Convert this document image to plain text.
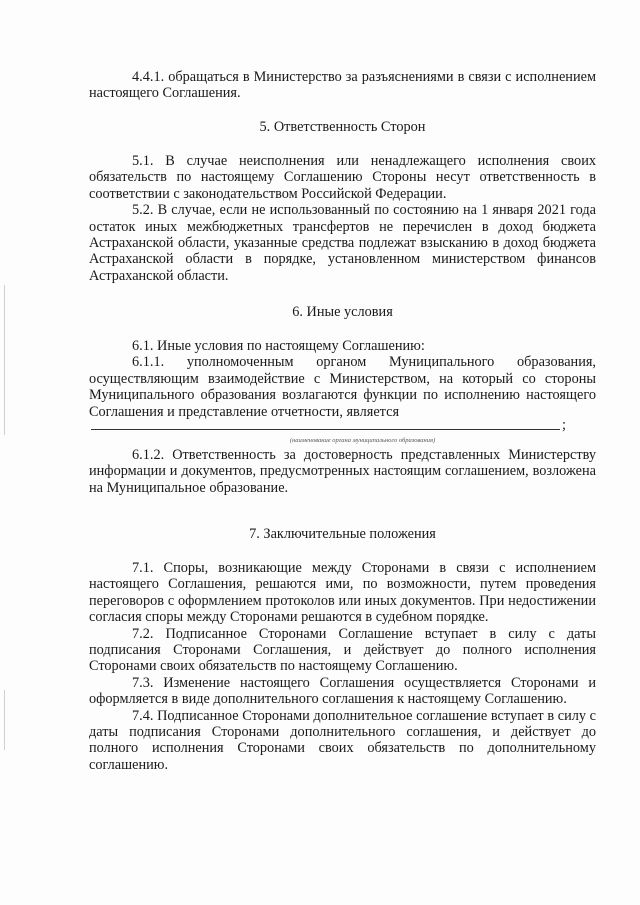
4.4.1. обращаться в Министерство за разъяснениями в связи с исполнением настоящего Соглашения.

5. Ответственность Сторон

5.1. В случае неисполнения или ненадлежащего исполнения своих обязательств по настоящему Соглашению Стороны несут ответственность в соответствии с законодательством Российской Федерации.

5.2. В случае, если не использованный по состоянию на 1 января 2021 года остаток иных межбюджетных трансфертов не перечислен в доход бюджета Астраханской области, указанные средства подлежат взысканию в доход бюджета Астраханской области в порядке, установленном министерством финансов Астраханской области.

6. Иные условия

6.1. Иные условия по настоящему Соглашению:

6.1.1. уполномоченным органом Муниципального образования, осуществляющим взаимодействие с Министерством, на который со стороны Муниципального образования возлагаются функции по исполнению настоящего Соглашения и представление отчетности, является

;
(наименование органа муниципального образования)

6.1.2. Ответственность за достоверность представленных Министерству информации и документов, предусмотренных настоящим соглашением, возложена на Муниципальное образование.

7. Заключительные положения

7.1. Споры, возникающие между Сторонами в связи с исполнением настоящего Соглашения, решаются ими, по возможности, путем проведения переговоров с оформлением протоколов или иных документов. При недостижении согласия споры между Сторонами решаются в судебном порядке.

7.2. Подписанное Сторонами Соглашение вступает в силу с даты подписания Сторонами Соглашения, и действует до полного исполнения Сторонами своих обязательств по настоящему Соглашению.

7.3. Изменение настоящего Соглашения осуществляется Сторонами и оформляется в виде дополнительного соглашения к настоящему Соглашению.

7.4. Подписанное Сторонами дополнительное соглашение вступает в силу с даты подписания Сторонами дополнительного соглашения, и действует до полного исполнения Сторонами своих обязательств по дополнительному соглашению.
